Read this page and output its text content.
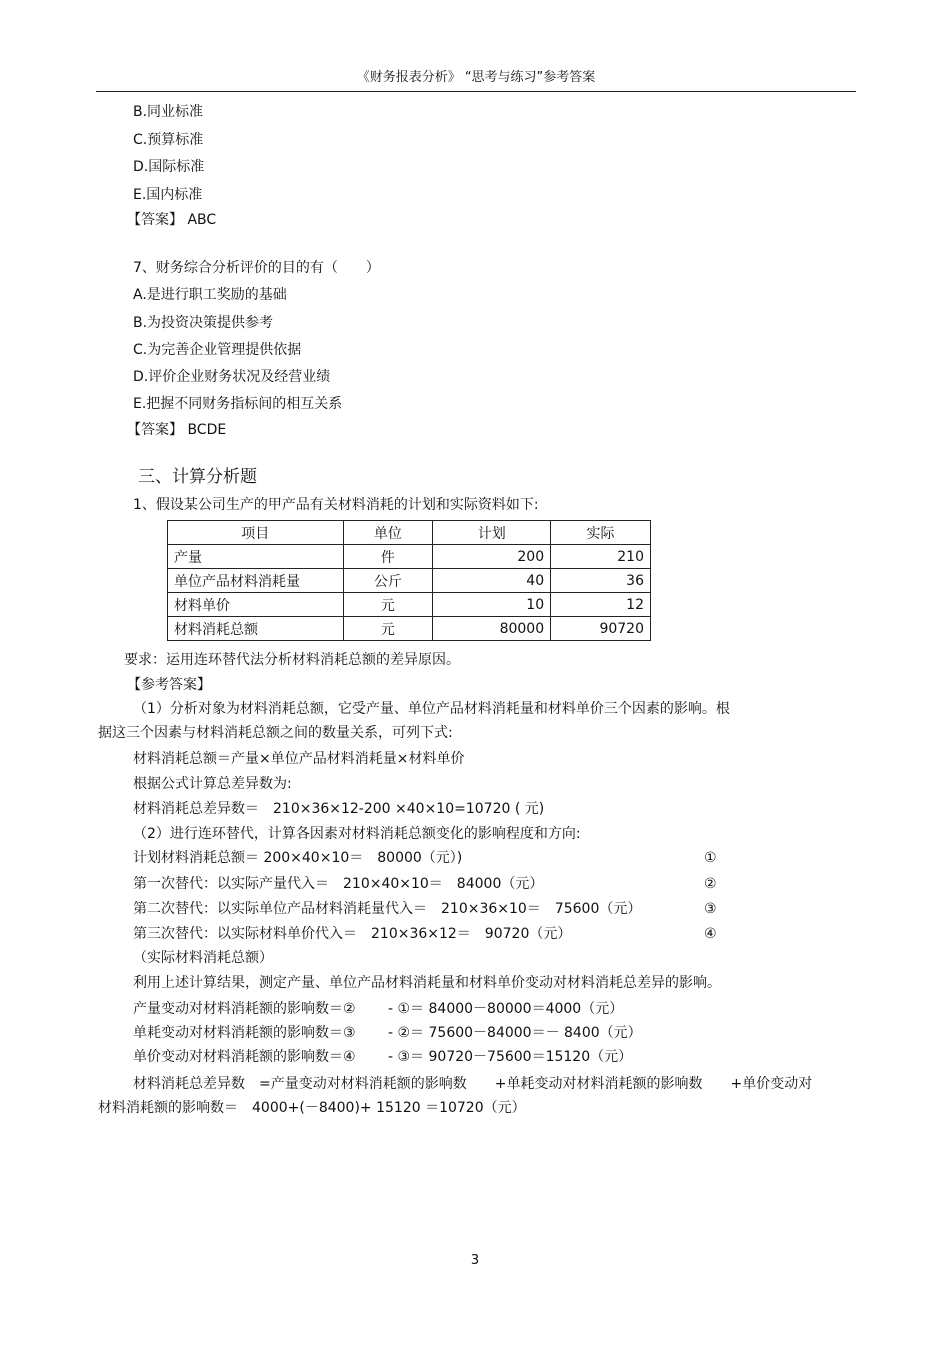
《财务报表分析》 “思考与练习”参考答案
B.同业标准
C.预算标准
D.国际标准
E.国内标准
【答案】 ABC
7、财务综合分析评价的目的有（　　）
A.是进行职工奖励的基础
B.为投资决策提供参考
C.为完善企业管理提供依据
D.评价企业财务状况及经营业绩
E.把握不同财务指标间的相互关系
【答案】 BCDE
三、计算分析题
1、假设某公司生产的甲产品有关材料消耗的计划和实际资料如下:
项目	单位	计划	实际
产量	件	200	210
单位产品材料消耗量	公斤	40	36
材料单价	元	10	12
材料消耗总额	元	80000	90720
要求：运用连环替代法分析材料消耗总额的差异原因。
【参考答案】
（1）分析对象为材料消耗总额，它受产量、单位产品材料消耗量和材料单价三个因素的影响。根
据这三个因素与材料消耗总额之间的数量关系，可列下式:
材料消耗总额＝产量×单位产品材料消耗量×材料单价
根据公式计算总差异数为:
材料消耗总差异数＝　210×36×12-200 ×40×10=10720 ( 元)
（2）进行连环替代，计算各因素对材料消耗总额变化的影响程度和方向:
计划材料消耗总额＝ 200×40×10＝　80000（元）)	①
第一次替代：以实际产量代入＝　210×40×10＝　84000（元）	②
第二次替代：以实际单位产品材料消耗量代入＝　210×36×10＝　75600（元）	③
第三次替代：以实际材料单价代入＝　210×36×12＝　90720（元）	④
（实际材料消耗总额）
利用上述计算结果，测定产量、单位产品材料消耗量和材料单价变动对材料消耗总差异的影响。
产量变动对材料消耗额的影响数＝②　　 - ①＝ 84000－80000＝4000（元）
单耗变动对材料消耗额的影响数＝③　　 - ②＝ 75600－84000＝－ 8400（元）
单价变动对材料消耗额的影响数＝④　　 - ③＝ 90720－75600＝15120（元）
材料消耗总差异数　=产量变动对材料消耗额的影响数　　+单耗变动对材料消耗额的影响数　　+单价变动对
材料消耗额的影响数＝　4000+(－8400)+ 15120 ＝10720（元）
3
